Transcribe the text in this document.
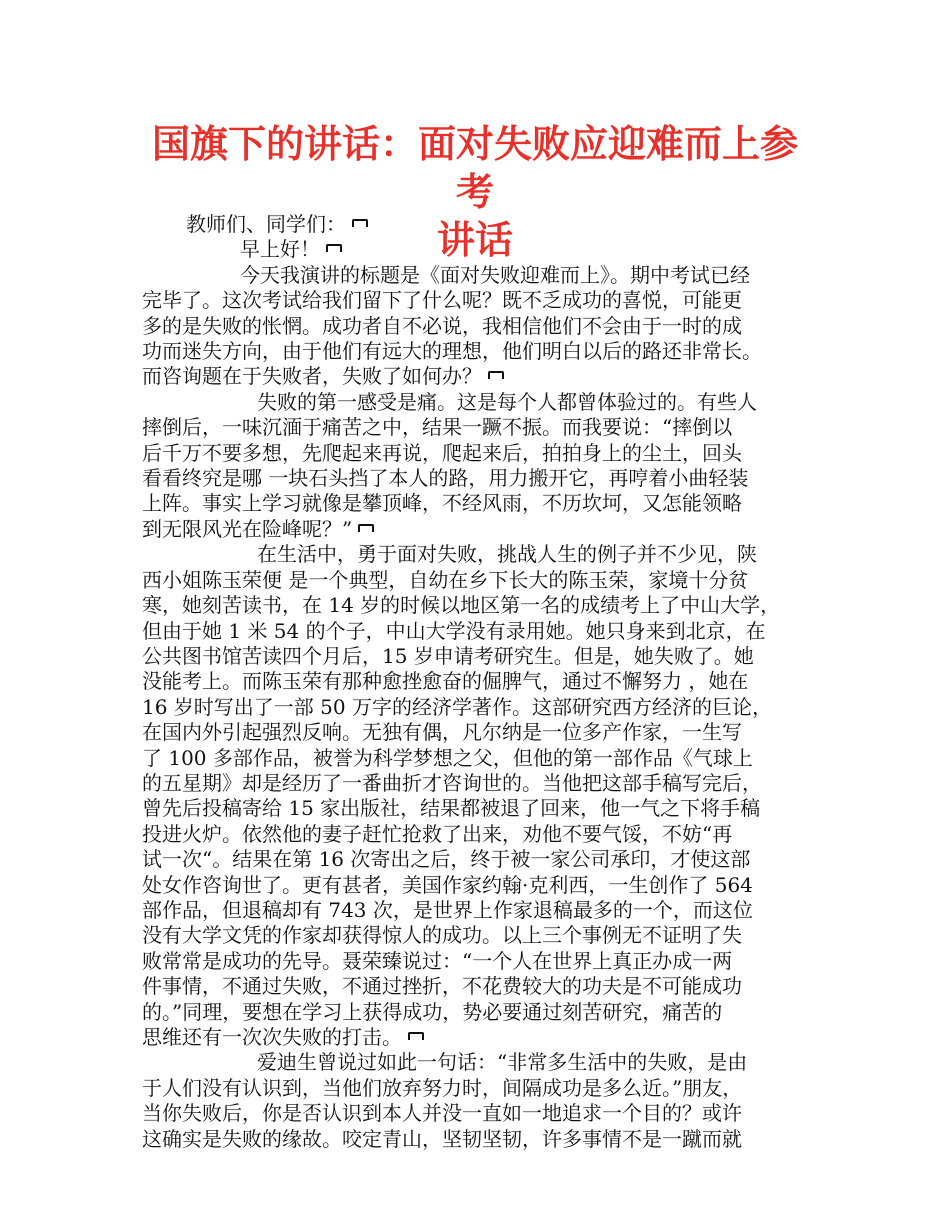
国旗下的讲话：面对失败应迎难而上参考
讲话
教师们、同学们：
早上好！
今天我演讲的标题是《面对失败迎难而上》。期中考试已经
完毕了。这次考试给我们留下了什么呢？既不乏成功的喜悦，可能更
多的是失败的怅惘。成功者自不必说，我相信他们不会由于一时的成
功而迷失方向，由于他们有远大的理想，他们明白以后的路还非常长。
而咨询题在于失败者，失败了如何办？
失败的第一感受是痛。这是每个人都曾体验过的。有些人
摔倒后，一味沉湎于痛苦之中，结果一蹶不振。而我要说：“摔倒以
后千万不要多想，先爬起来再说，爬起来后，拍拍身上的尘土，回头
看看终究是哪 一块石头挡了本人的路，用力搬开它，再哼着小曲轻装
上阵。事实上学习就像是攀顶峰，不经风雨，不历坎坷，又怎能领略
到无限风光在险峰呢？”
在生活中，勇于面对失败，挑战人生的例子并不少见，陕
西小姐陈玉荣便 是一个典型，自幼在乡下长大的陈玉荣，家境十分贫
寒，她刻苦读书，在 14 岁的时候以地区第一名的成绩考上了中山大学，
但由于她 1 米 54 的个子，中山大学没有录用她。她只身来到北京，在
公共图书馆苦读四个月后，15 岁申请考研究生。但是，她失败了。她
没能考上。而陈玉荣有那种愈挫愈奋的倔脾气，通过不懈努力 ，她在
16 岁时写出了一部 50 万字的经济学著作。这部研究西方经济的巨论，
在国内外引起强烈反响。无独有偶，凡尔纳是一位多产作家，一生写
了 100 多部作品，被誉为科学梦想之父，但他的第一部作品《气球上
的五星期》却是经历了一番曲折才咨询世的。当他把这部手稿写完后，
曾先后投稿寄给 15 家出版社，结果都被退了回来，他一气之下将手稿
投进火炉。依然他的妻子赶忙抢救了出来，劝他不要气馁，不妨“再
试一次“。结果在第 16 次寄出之后，终于被一家公司承印，才使这部
处女作咨询世了。更有甚者，美国作家约翰·克利西，一生创作了 564
部作品，但退稿却有 743 次，是世界上作家退稿最多的一个，而这位
没有大学文凭的作家却获得惊人的成功。以上三个事例无不证明了失
败常常是成功的先导。聂荣臻说过：“一个人在世界上真正办成一两
件事情，不通过失败，不通过挫折，不花费较大的功夫是不可能成功
的。”同理，要想在学习上获得成功，势必要通过刻苦研究，痛苦的
思维还有一次次失败的打击。
爱迪生曾说过如此一句话：“非常多生活中的失败，是由
于人们没有认识到，当他们放弃努力时，间隔成功是多么近。”朋友，
当你失败后，你是否认识到本人并没一直如一地追求一个目的？或许
这确实是失败的缘故。咬定青山，坚韧坚韧，许多事情不是一蹴而就
